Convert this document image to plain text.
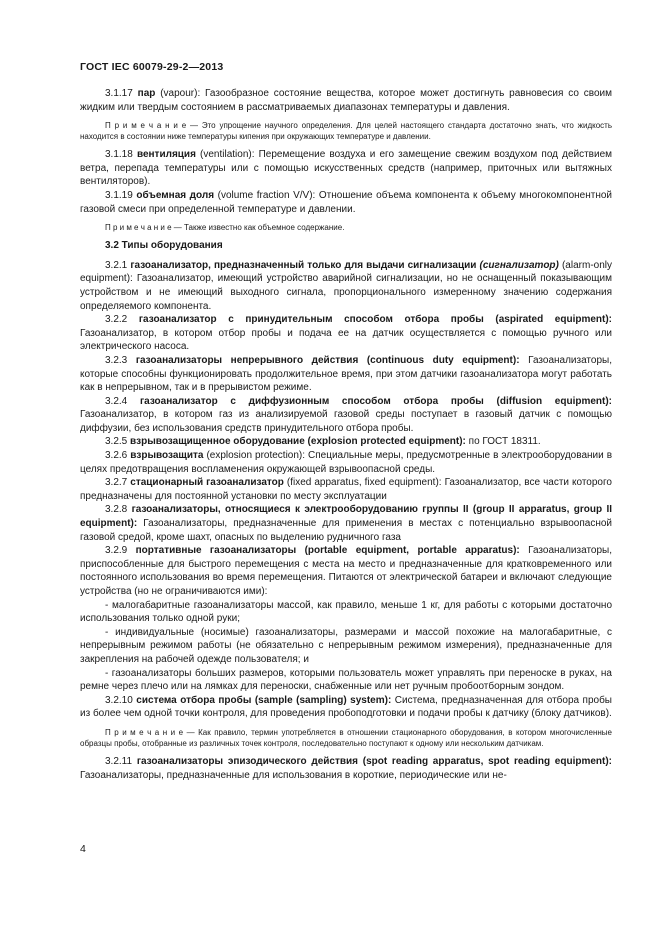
ГОСТ IEC 60079-29-2—2013

3.1.17 пар (vapour): Газообразное состояние вещества, которое может достигнуть равновесия со своим жидким или твердым состоянием в рассматриваемых диапазонах температуры и давления.

П р и м е ч а н и е — Это упрощение научного определения. Для целей настоящего стандарта достаточно знать, что жидкость находится в состоянии ниже температуры кипения при окружающих температуре и давлении.

3.1.18 вентиляция (ventilation): Перемещение воздуха и его замещение свежим воздухом под действием ветра, перепада температуры или с помощью искусственных средств (например, приточных или вытяжных вентиляторов).

3.1.19 объемная доля (volume fraction V/V): Отношение объема компонента к объему многокомпонентной газовой смеси при определенной температуре и давлении.

П р и м е ч а н и е — Также известно как объемное содержание.

3.2 Типы оборудования

3.2.1 газоанализатор, предназначенный только для выдачи сигнализации (сигнализатор) (alarm-only equipment): Газоанализатор, имеющий устройство аварийной сигнализации, но не оснащенный показывающим устройством и не имеющий выходного сигнала, пропорционального измеренному значению содержания определяемого компонента.

3.2.2 газоанализатор с принудительным способом отбора пробы (aspirated equipment): Газоанализатор, в котором отбор пробы и подача ее на датчик осуществляется с помощью ручного или электрического насоса.

3.2.3 газоанализаторы непрерывного действия (continuous duty equipment): Газоанализаторы, которые способны функционировать продолжительное время, при этом датчики газоанализатора могут работать как в непрерывном, так и в прерывистом режиме.

3.2.4 газоанализатор с диффузионным способом отбора пробы (diffusion equipment): Газоанализатор, в котором газ из анализируемой газовой среды поступает в газовый датчик с помощью диффузии, без использования средств принудительного отбора пробы.

3.2.5 взрывозащищенное оборудование (explosion protected equipment): по ГОСТ 18311.

3.2.6 взрывозащита (explosion protection): Специальные меры, предусмотренные в электрооборудовании в целях предотвращения воспламенения окружающей взрывоопасной среды.

3.2.7 стационарный газоанализатор (fixed apparatus, fixed equipment): Газоанализатор, все части которого предназначены для постоянной установки по месту эксплуатации

3.2.8 газоанализаторы, относящиеся к электрооборудованию группы II (group II apparatus, group II equipment): Газоанализаторы, предназначенные для применения в местах с потенциально взрывоопасной газовой средой, кроме шахт, опасных по выделению рудничного газа

3.2.9 портативные газоанализаторы (portable equipment, portable apparatus): Газоанализаторы, приспособленные для быстрого перемещения с места на место и предназначенные для кратковременного или постоянного использования во время перемещения. Питаются от электрической батареи и включают следующие устройства (но не ограничиваются ими):

- малогабаритные газоанализаторы массой, как правило, меньше 1 кг, для работы с которыми достаточно использования только одной руки;

- индивидуальные (носимые) газоанализаторы, размерами и массой похожие на малогабаритные, с непрерывным режимом работы (не обязательно с непрерывным режимом измерения), предназначенные для закрепления на рабочей одежде пользователя; и

- газоанализаторы больших размеров, которыми пользователь может управлять при переноске в руках, на ремне через плечо или на лямках для переноски, снабженные или нет ручным пробоотборным зондом.

3.2.10 система отбора пробы (sample (sampling) system): Система, предназначенная для отбора пробы из более чем одной точки контроля, для проведения пробоподготовки и подачи пробы к датчику (блоку датчиков).

П р и м е ч а н и е — Как правило, термин употребляется в отношении стационарного оборудования, в котором многочисленные образцы пробы, отобранные из различных точек контроля, последовательно поступают к одному или нескольким датчикам.

3.2.11 газоанализаторы эпизодического действия (spot reading apparatus, spot reading equipment): Газоанализаторы, предназначенные для использования в короткие, периодические или не-

4
